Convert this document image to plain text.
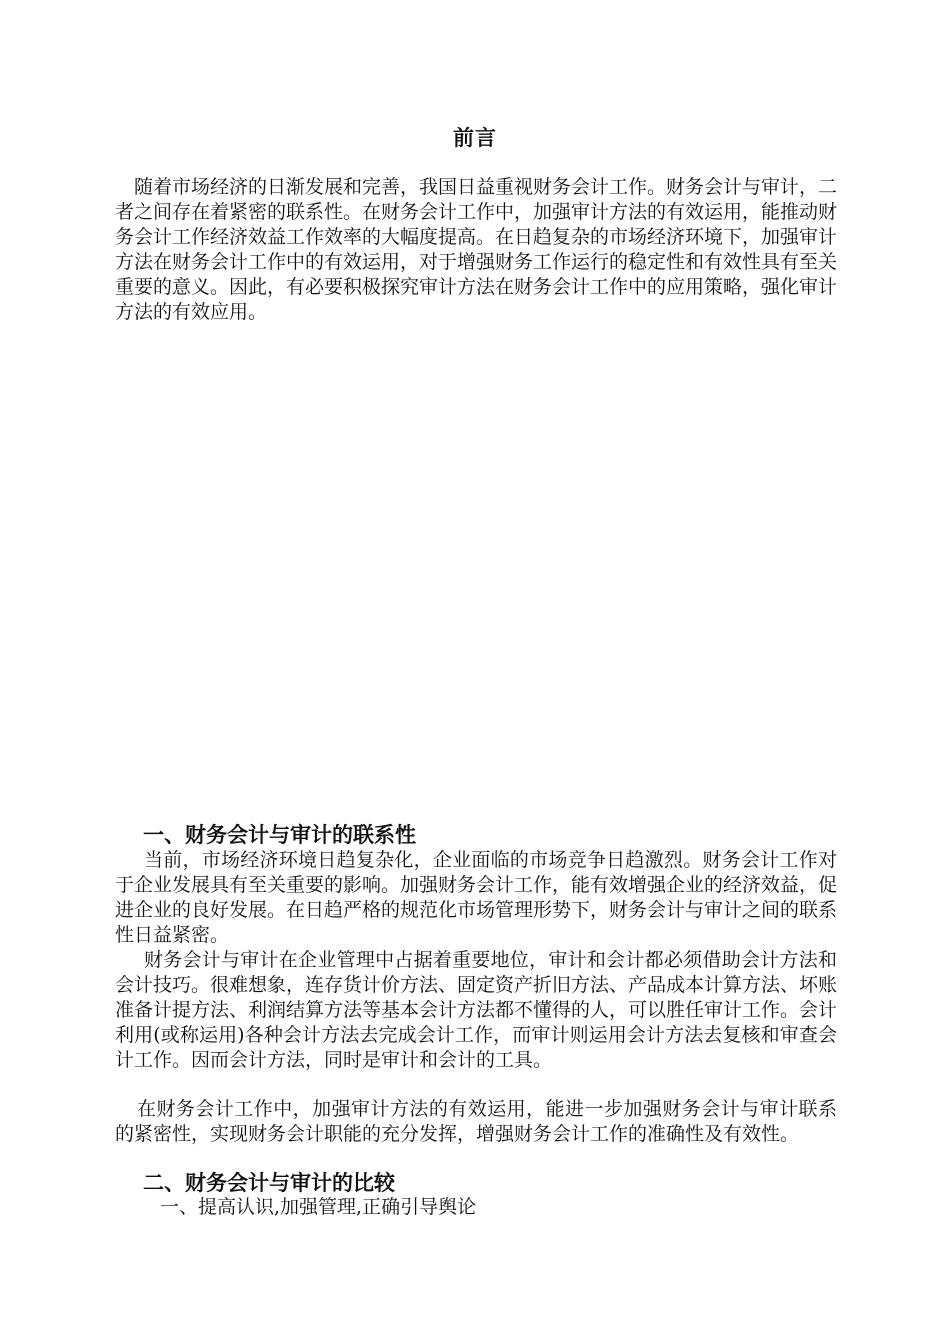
前言

随着市场经济的日渐发展和完善，我国日益重视财务会计工作。财务会计与审计，二者之间存在着紧密的联系性。在财务会计工作中，加强审计方法的有效运用，能推动财务会计工作经济效益工作效率的大幅度提高。在日趋复杂的市场经济环境下，加强审计方法在财务会计工作中的有效运用，对于增强财务工作运行的稳定性和有效性具有至关重要的意义。因此，有必要积极探究审计方法在财务会计工作中的应用策略，强化审计方法的有效应用。

一、财务会计与审计的联系性

当前，市场经济环境日趋复杂化，企业面临的市场竞争日趋激烈。财务会计工作对于企业发展具有至关重要的影响。加强财务会计工作，能有效增强企业的经济效益，促进企业的良好发展。在日趋严格的规范化市场管理形势下，财务会计与审计之间的联系性日益紧密。

财务会计与审计在企业管理中占据着重要地位，审计和会计都必须借助会计方法和会计技巧。很难想象，连存货计价方法、固定资产折旧方法、产品成本计算方法、坏账准备计提方法、利润结算方法等基本会计方法都不懂得的人，可以胜任审计工作。会计利用(或称运用)各种会计方法去完成会计工作，而审计则运用会计方法去复核和审查会计工作。因而会计方法，同时是审计和会计的工具。

在财务会计工作中，加强审计方法的有效运用，能进一步加强财务会计与审计联系的紧密性，实现财务会计职能的充分发挥，增强财务会计工作的准确性及有效性。

二、财务会计与审计的比较

一、提高认识,加强管理,正确引导舆论
